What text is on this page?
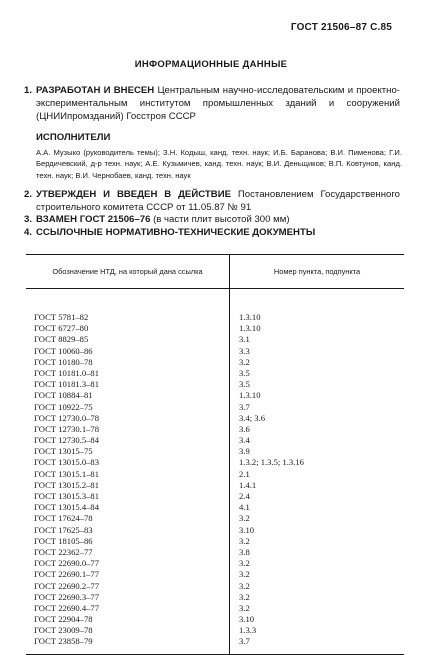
ГОСТ 21506–87 С.85
ИНФОРМАЦИОННЫЕ ДАННЫЕ
1. РАЗРАБОТАН И ВНЕСЕН Центральным научно-исследовательским и проектно-экспериментальным институтом промышленных зданий и сооружений (ЦНИИпромзданий) Госстроя СССР
ИСПОЛНИТЕЛИ
А.А. Музыко (руководитель темы); З.Н. Кодыш, канд. техн. наук; И.Б. Баранова; В.И. Пименова; Г.И. Бердичевский, д-р техн. наук; А.Е. Кузьмичев, канд. техн. наук; В.И. Деньщиков; В.П. Ковтунов, канд. техн. наук; В.И. Чернобаев, канд. техн. наук
2. УТВЕРЖДЕН И ВВЕДЕН В ДЕЙСТВИЕ Постановлением Государственного строительного комитета СССР от 11.05.87 № 91
3. ВЗАМЕН ГОСТ 21506–76 (в части плит высотой 300 мм)
4. ССЫЛОЧНЫЕ НОРМАТИВНО-ТЕХНИЧЕСКИЕ ДОКУМЕНТЫ
Обозначение НТД, на который дана ссылка	Номер пункта, подпункта
ГОСТ 5781–82
ГОСТ 6727–80
ГОСТ 8829–85
ГОСТ 10060–86
ГОСТ 10180–78
ГОСТ 10181.0–81
ГОСТ 10181.3–81
ГОСТ 10884–81
ГОСТ 10922–75
ГОСТ 12730.0–78
ГОСТ 12730.1–78
ГОСТ 12730.5–84
ГОСТ 13015–75
ГОСТ 13015.0–83
ГОСТ 13015.1–81
ГОСТ 13015.2–81
ГОСТ 13015.3–81
ГОСТ 13015.4–84
ГОСТ 17624–78
ГОСТ 17625–83
ГОСТ 18105–86
ГОСТ 22362–77
ГОСТ 22690.0–77
ГОСТ 22690.1–77
ГОСТ 22690.2–77
ГОСТ 22690.3–77
ГОСТ 22690.4–77
ГОСТ 22904–78
ГОСТ 23009–78
ГОСТ 23858–79
1.3.10
1.3.10
3.1
3.3
3.2
3.5
3.5
1.3.10
3.7
3.4; 3.6
3.6
3.4
3.9
1.3.2; 1.3.5; 1.3.16
2.1
1.4.1
2.4
4.1
3.2
3.10
3.2
3.8
3.2
3.2
3.2
3.2
3.2
3.10
1.3.3
3.7
